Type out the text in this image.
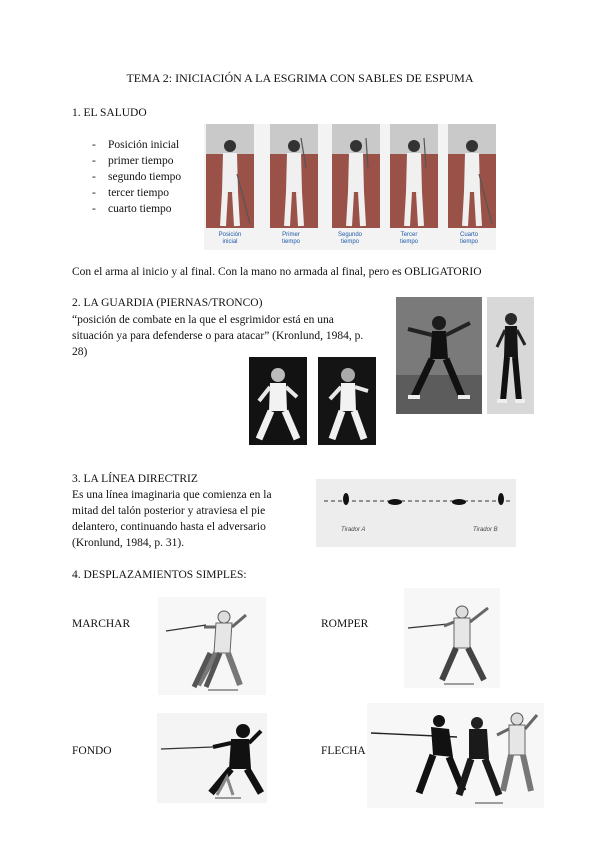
TEMA 2: INICIACIÓN A LA ESGRIMA CON SABLES DE ESPUMA
1. EL SALUDO
- Posición inicial
- primer tiempo
- segundo tiempo
- tercer tiempo
- cuarto tiempo
Posición
inicial
Primer
tiempo
Segundo
tiempo
Tercer
tiempo
Cuarto
tiempo
Con el arma al inicio y al final. Con la mano no armada al final, pero es OBLIGATORIO
2. LA GUARDIA (PIERNAS/TRONCO)
“posición de combate en la que el esgrimidor está en una
situación ya para defenderse o para atacar” (Kronlund, 1984, p.
28)
3. LA LÍNEA DIRECTRIZ
Es una línea imaginaria que comienza en la
mitad del talón posterior y atraviesa el pie
delantero, continuando hasta el adversario
(Kronlund, 1984, p. 31).
Tirador A	Tirador B
4. DESPLAZAMIENTOS SIMPLES:
MARCHAR	ROMPER
FONDO	FLECHA
